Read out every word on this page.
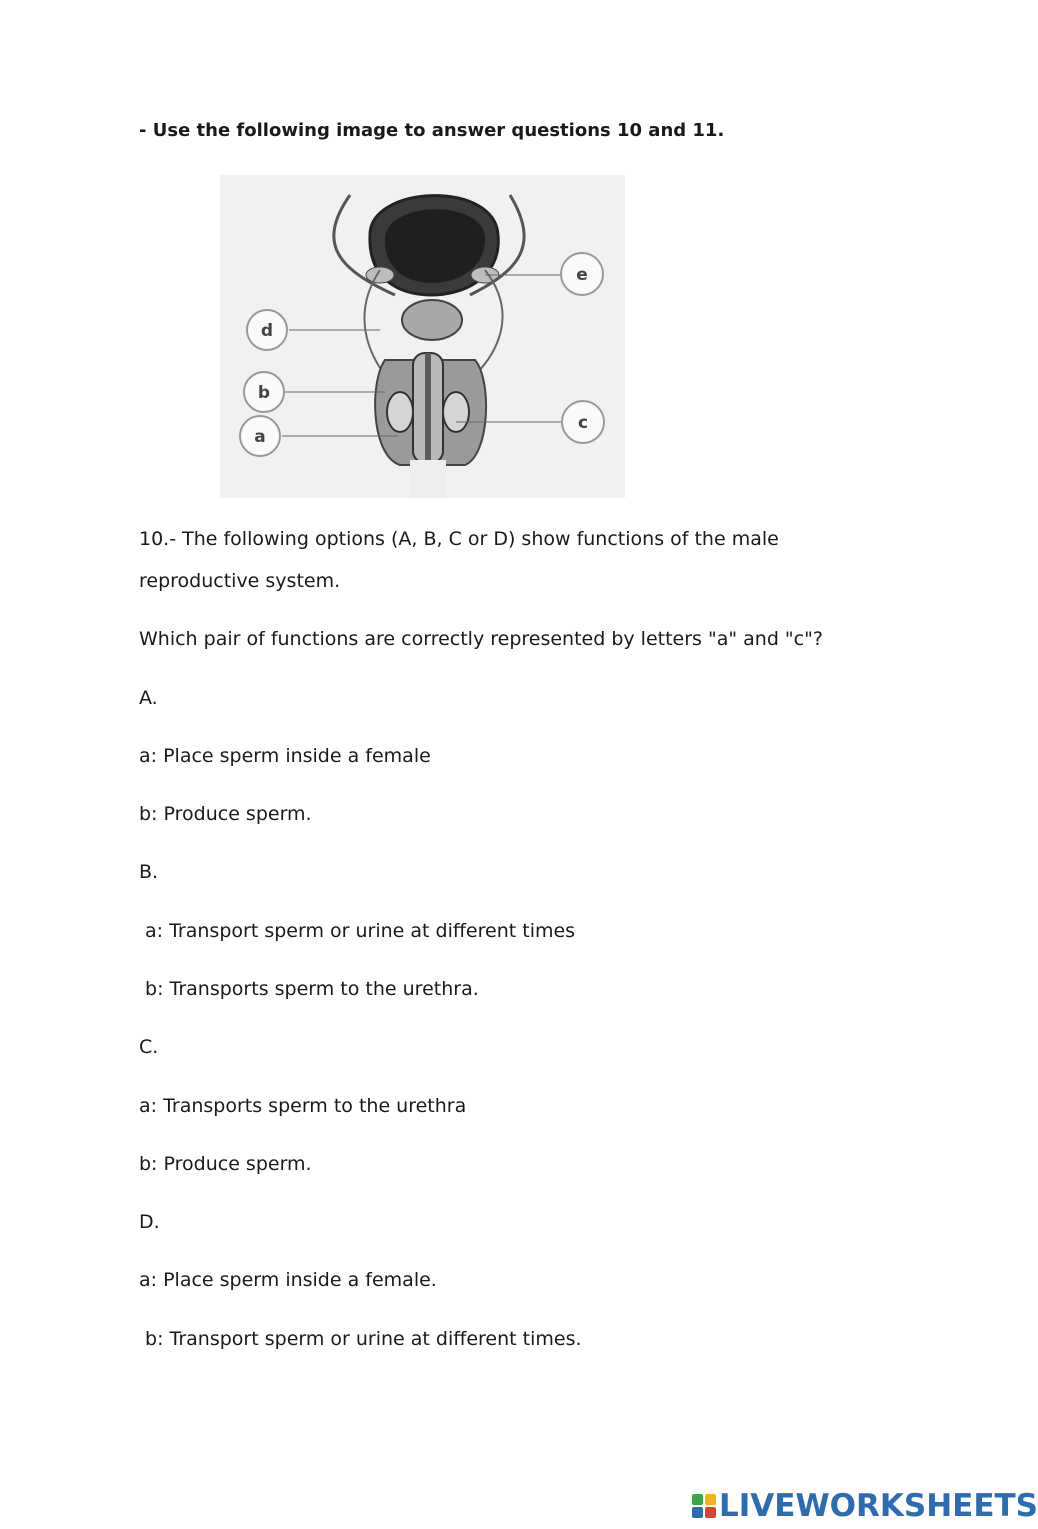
- Use the following image to answer questions 10 and 11.
d
b
a
c
e
10.- The following options (A, B, C or D) show functions of the male
reproductive system.
Which pair of functions are correctly represented by letters "a" and "c"?
A.
a: Place sperm inside a female
b: Produce sperm.
B.
a: Transport sperm or urine at different times
b: Transports sperm to the urethra.
C.
a: Transports sperm to the urethra
b: Produce sperm.
D.
a: Place sperm inside a female.
b: Transport sperm or urine at different times.
LIVEWORKSHEETS
